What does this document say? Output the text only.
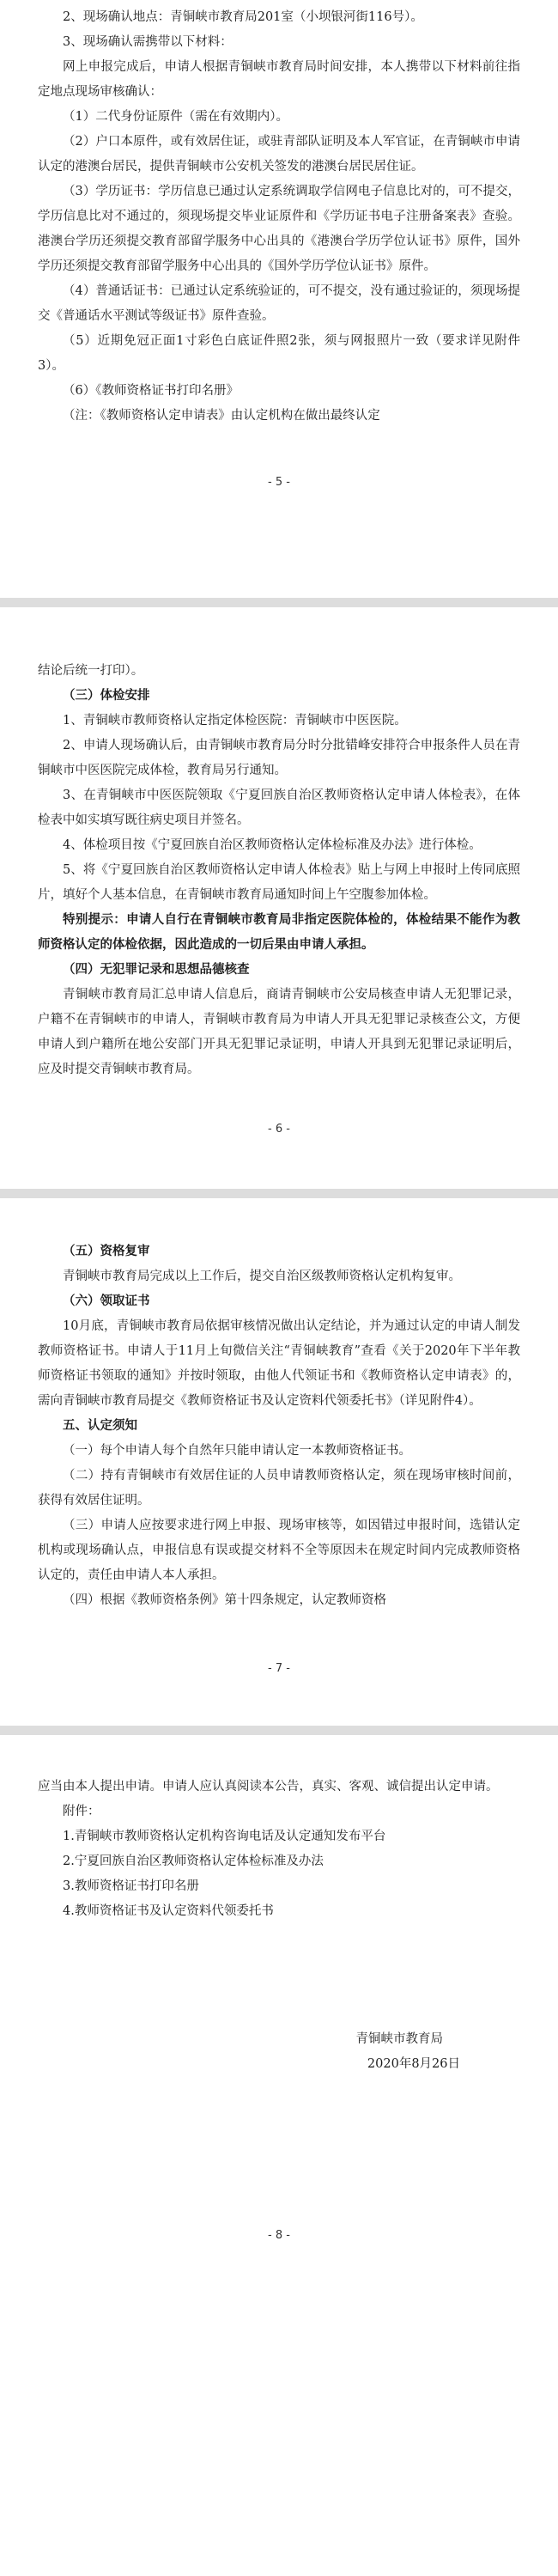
2、现场确认地点：青铜峡市教育局201室（小坝银河街116号）。

3、现场确认需携带以下材料：

网上申报完成后，申请人根据青铜峡市教育局时间安排，本人携带以下材料前往指定地点现场审核确认：

（1）二代身份证原件（需在有效期内）。

（2）户口本原件，或有效居住证，或驻青部队证明及本人军官证，在青铜峡市申请认定的港澳台居民，提供青铜峡市公安机关签发的港澳台居民居住证。

（3）学历证书：学历信息已通过认定系统调取学信网电子信息比对的，可不提交，学历信息比对不通过的，须现场提交毕业证原件和《学历证书电子注册备案表》查验。港澳台学历还须提交教育部留学服务中心出具的《港澳台学历学位认证书》原件，国外学历还须提交教育部留学服务中心出具的《国外学历学位认证书》原件。

（4）普通话证书：已通过认定系统验证的，可不提交，没有通过验证的，须现场提交《普通话水平测试等级证书》原件查验。

（5）近期免冠正面1寸彩色白底证件照2张，须与网报照片一致（要求详见附件3）。

（6）《教师资格证书打印名册》

（注：《教师资格认定申请表》由认定机构在做出最终认定

- 5 -

结论后统一打印）。

（三）体检安排

1、青铜峡市教师资格认定指定体检医院：青铜峡市中医医院。

2、申请人现场确认后，由青铜峡市教育局分时分批错峰安排符合申报条件人员在青铜峡市中医医院完成体检，教育局另行通知。

3、在青铜峡市中医医院领取《宁夏回族自治区教师资格认定申请人体检表》，在体检表中如实填写既往病史项目并签名。

4、体检项目按《宁夏回族自治区教师资格认定体检标准及办法》进行体检。

5、将《宁夏回族自治区教师资格认定申请人体检表》贴上与网上申报时上传同底照片，填好个人基本信息，在青铜峡市教育局通知时间上午空腹参加体检。

特别提示：申请人自行在青铜峡市教育局非指定医院体检的，体检结果不能作为教师资格认定的体检依据，因此造成的一切后果由申请人承担。

（四）无犯罪记录和思想品德核查

青铜峡市教育局汇总申请人信息后，商请青铜峡市公安局核查申请人无犯罪记录，户籍不在青铜峡市的申请人，青铜峡市教育局为申请人开具无犯罪记录核查公文，方便申请人到户籍所在地公安部门开具无犯罪记录证明，申请人开具到无犯罪记录证明后，应及时提交青铜峡市教育局。

- 6 -

（五）资格复审

青铜峡市教育局完成以上工作后，提交自治区级教师资格认定机构复审。

（六）领取证书

10月底，青铜峡市教育局依据审核情况做出认定结论，并为通过认定的申请人制发教师资格证书。申请人于11月上旬微信关注“青铜峡教育”查看《关于2020年下半年教师资格证书领取的通知》并按时领取，由他人代领证书和《教师资格认定申请表》的，需向青铜峡市教育局提交《教师资格证书及认定资料代领委托书》（详见附件4）。

五、认定须知

（一）每个申请人每个自然年只能申请认定一本教师资格证书。

（二）持有青铜峡市有效居住证的人员申请教师资格认定，须在现场审核时间前，获得有效居住证明。

（三）申请人应按要求进行网上申报、现场审核等，如因错过申报时间，选错认定机构或现场确认点，申报信息有误或提交材料不全等原因未在规定时间内完成教师资格认定的，责任由申请人本人承担。

（四）根据《教师资格条例》第十四条规定，认定教师资格

- 7 -

应当由本人提出申请。申请人应认真阅读本公告，真实、客观、诚信提出认定申请。

附件：

1.青铜峡市教师资格认定机构咨询电话及认定通知发布平台

2.宁夏回族自治区教师资格认定体检标准及办法

3.教师资格证书打印名册

4.教师资格证书及认定资料代领委托书

青铜峡市教育局

2020年8月26日

- 8 -
